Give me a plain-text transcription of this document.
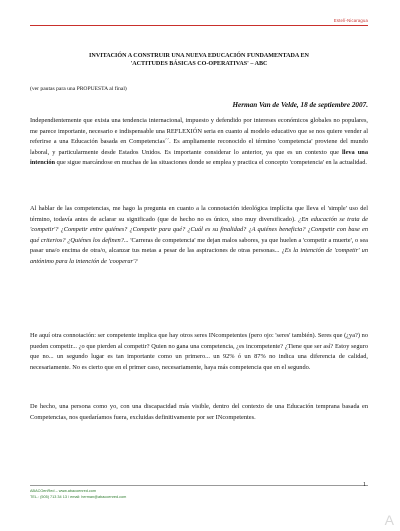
Estelí-Nicaragua
INVITACIÓN A CONSTRUIR UNA NUEVA EDUCACIÓN FUNDAMENTADA EN
'ACTITUDES BÁSICAS CO-OPERATIVAS' – ABC
(ver pautas para una PROPUESTA al final)
Herman Van de Velde, 18 de septiembre 2007.
Independientemente que exista una tendencia internacional, impuesto y defendido por intereses económicos globales no populares, me parece importante, necesario e indispensable una REFLEXIÓN seria en cuanto al modelo educativo que se nos quiere vender al referirse a una Educación basada en Competencias´´. Es ampliamente reconocido el término 'competencia' proviene del mundo laboral, y particularmente desde Estados Unidos. Es importante considerar lo anterior, ya que es un contexto que lleva una intención que sigue marcándose en muchas de las situaciones donde se emplea y practica el concepto 'competencia' en la actualidad.
Al hablar de las competencias, me hago la pregunta en cuanto a la connotación ideológica implícita que lleva el 'simple' uso del término, todavía antes de aclarar su significado (que de hecho no es único, sino muy diversificado). ¿En educación se trata de 'competir'? ¿Competir entre quiénes? ¿Competir para qué? ¿Cuál es su finalidad? ¿A quiénes beneficia? ¿Competir con base en qué criterios? ¿Quiénes los definen?... 'Carreras de competencia' me dejan malos sabores, ya que huelen a 'competir a muerte', o sea pasar una/o encima de otra/o, alcanzar tus metas a pesar de las aspiraciones de otras personas... ¿Es la intención de 'competir' un antónimo para la intención de 'cooperar'?
He aquí otra connotación: ser competente implica que hay otros seres INcompetentes (pero ojo: 'seres' también). Seres que (¿ya?) no pueden competir... ¿o que pierden al competir? Quien no gana una competencia, ¿es incompetente? ¿Tiene que ser así? Estoy seguro que no... un segundo lugar es tan importante como un primero... un 92% ó un 87% no indica una diferencia de calidad, necesariamente. No es cierto que en el primer caso, necesariamente, haya más competencia que en el segundo.
De hecho, una persona como yo, con una discapacidad más visible, dentro del contexto de una Educación temprana basada en Competencias, nos quedaríamos fuera, excluidas definitivamente por ser INcompetentes.
1
ABACOenRed – www.abacoenred.com
TEL.: (505) 713 34 13 / email: herman@abacoenred.com
A
